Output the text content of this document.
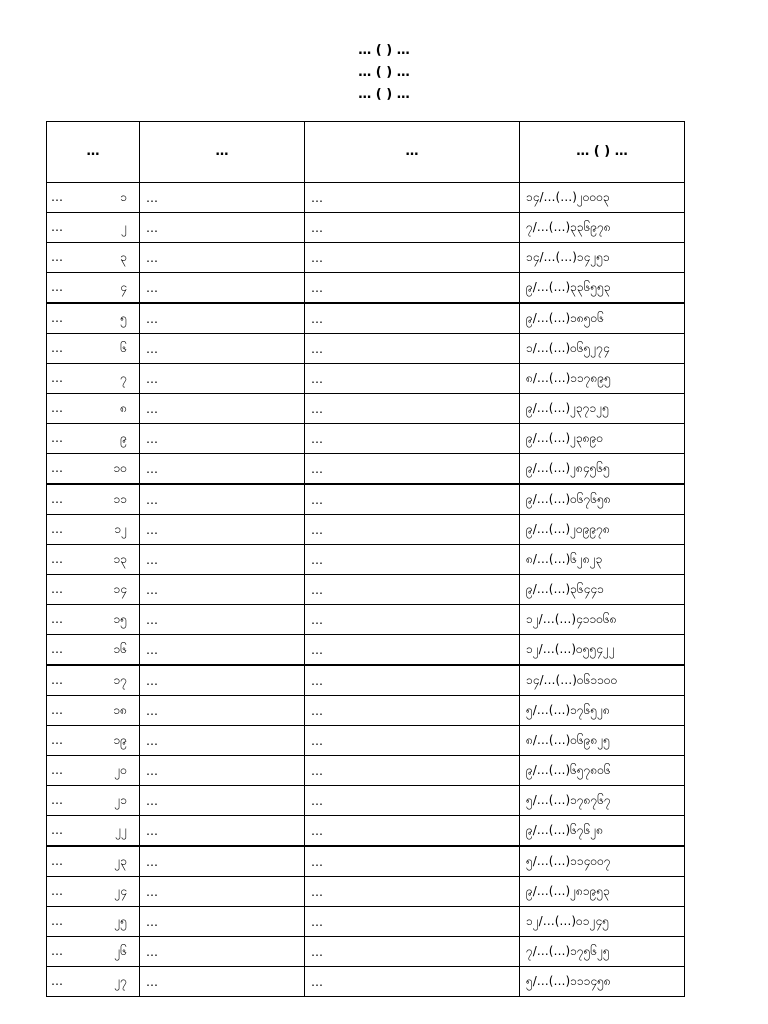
… ( ) …
… ( ) …
… ( ) …
…	…	…	… ( ) …
… ၁	…	…	၁၄/…(…)၂၀၀၀၃
… ၂	…	…	၇/…(…)၃၃၆၉၇၈
… ၃	…	…	၁၄/…(…)၁၄၂၅၁
… ၄	…	…	၉/…(…)၃၃၆၅၅၃
… ၅	…	…	၉/…(…)၁၈၅၀၆
… ၆	…	…	၁/…(…)၀၆၅၂၇၄
… ၇	…	…	၈/…(…)၁၁၇၈၉၅
… ၈	…	…	၉/…(…)၂၃၇၁၂၅
… ၉	…	…	၉/…(…)၂၃၈၉၀
… ၁၀	…	…	၉/…(…)၂၈၄၅၆၅
… ၁၁	…	…	၉/…(…)၀၆၇၆၅၈
… ၁၂	…	…	၉/…(…)၂၀၉၉၇၈
… ၁၃	…	…	၈/…(…)၆၂၈၂၃
… ၁၄	…	…	၉/…(…)၃၆၄၄၁
… ၁၅	…	…	၁၂/…(…)၄၁၁၀၆၈
… ၁၆	…	…	၁၂/…(…)၀၅၅၄၂၂
… ၁၇	…	…	၁၄/…(…)၀၆၁၁၀၀
… ၁၈	…	…	၅/…(…)၁၇၆၅၂၈
… ၁၉	…	…	၈/…(…)၀၆၉၈၂၅
… ၂၀	…	…	၉/…(…)၆၅၇၈၀၆
… ၂၁	…	…	၅/…(…)၁၇၈၇၆၇
… ၂၂	…	…	၉/…(…)၆၇၆၂၈
… ၂၃	…	…	၅/…(…)၁၁၄၀၀၇
… ၂၄	…	…	၉/…(…)၂၈၁၉၅၃
… ၂၅	…	…	၁၂/…(…)၀၁၂၄၅
… ၂၆	…	…	၇/…(…)၁၇၅၆၂၅
… ၂၇	…	…	၅/…(…)၁၁၁၄၅၈
